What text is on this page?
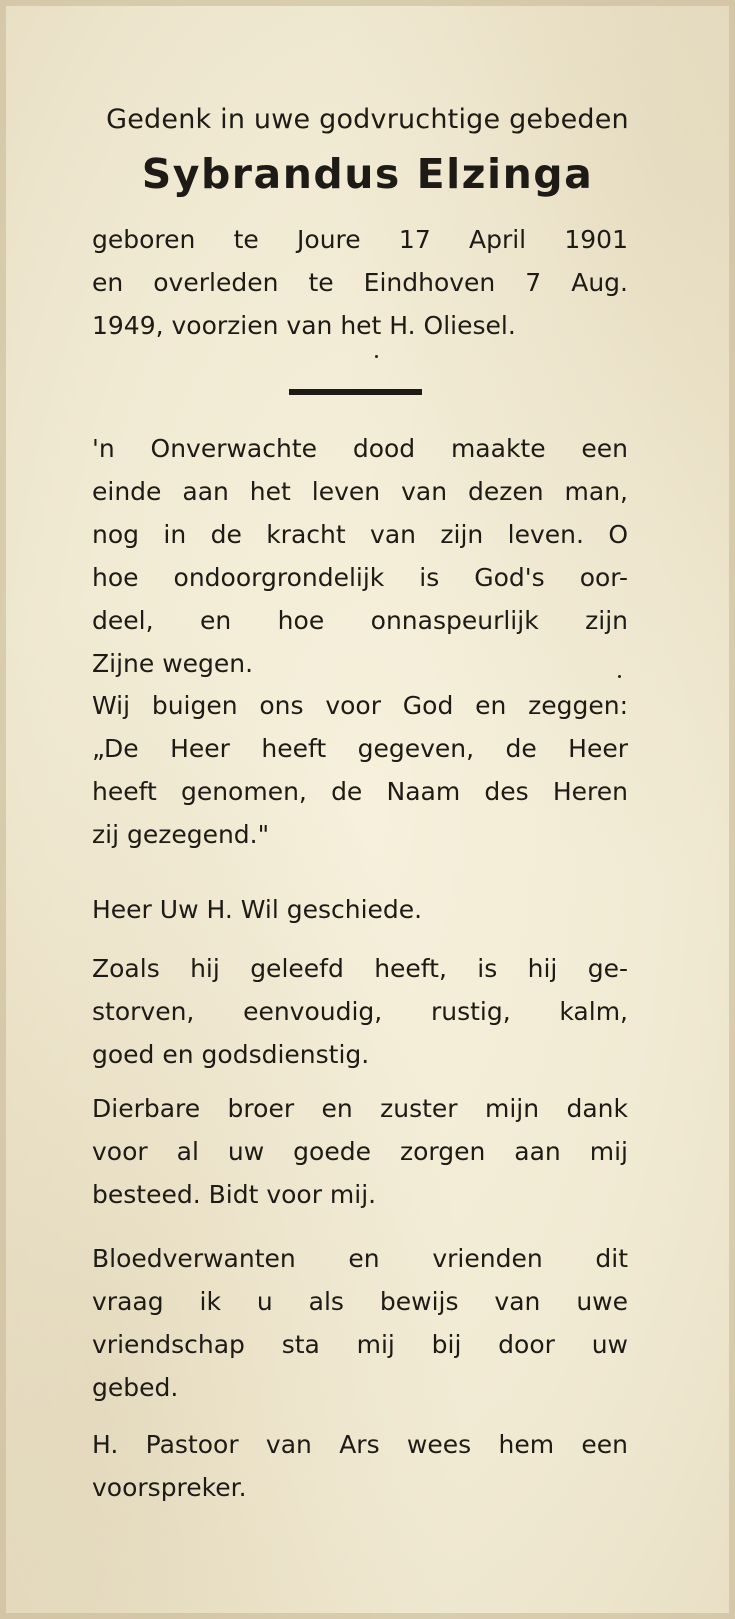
Gedenk in uwe godvruchtige gebeden
Sybrandus Elzinga
geboren te Joure 17 April 1901
en overleden te Eindhoven 7 Aug.
1949, voorzien van het H. Oliesel.
'n Onverwachte dood maakte een
einde aan het leven van dezen man,
nog in de kracht van zijn leven. O
hoe ondoorgrondelijk is God's oor-
deel, en hoe onnaspeurlijk zijn
Zijne wegen.
Wij buigen ons voor God en zeggen:
„De Heer heeft gegeven, de Heer
heeft genomen, de Naam des Heren
zij gezegend."
Heer Uw H. Wil geschiede.
Zoals hij geleefd heeft, is hij ge-
storven, eenvoudig, rustig, kalm,
goed en godsdienstig.
Dierbare broer en zuster mijn dank
voor al uw goede zorgen aan mij
besteed. Bidt voor mij.
Bloedverwanten en vrienden dit
vraag ik u als bewijs van uwe
vriendschap sta mij bij door uw
gebed.
H. Pastoor van Ars wees hem een
voorspreker.
